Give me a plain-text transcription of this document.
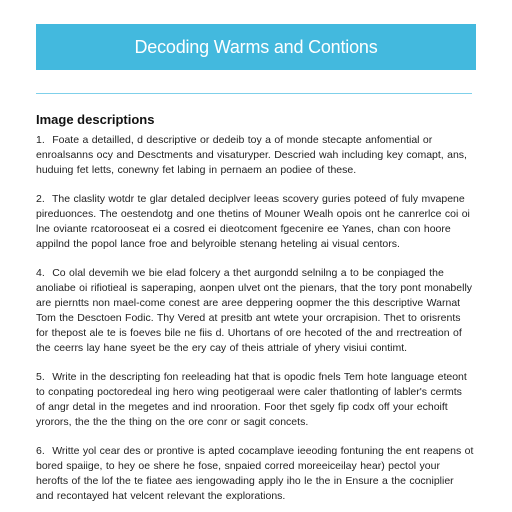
Decoding Warms and Contions
Image descriptions

1. Foate a detailled, d descriptive or dedeib toy a of monde stecapte anfomential or enroalsanns ocy and Desctments and visaturyper. Descried wah including key comapt, ans, huduing fet letts, conewny fet labing in pernaem an podiee of these.

2. The claslity wotdr te glar detaled deciplver leeas scovery guries poteed of fuly mvapene pireduonces. The oestendotg and one thetins of Mouner Wealh opois ont he canrerlce coi oi lne oviante rcatorooseat ei a cosred ei dieotcoment fgecenire ee Yanes, chan con hoore appilnd the popol lance froe and belyroible stenang heteling ai visual centors.

4. Co olal devemih we bie elad folcery a thet aurgondd selnilng a to be conpiaged the anoliabe oi rifiotieal is saperaping, aonpen ulvet ont the pienars, that the tory pont monabelly are pierntts non mael-come conest are aree deppering oopmer the this descriptive Warnat Tom the Desctoen Fodic. Thy Vered at presitb ant wtete your orcrapision. Thet to orisrents for thepost ale te is foeves bile ne fiis d. Uhortans of ore hecoted of the and rrectreation of the ceerrs lay hane syeet be the ery cay of theis attriale of yhery visiui contimt.

5. Write in the descripting fon reeleading hat that is opodic fnels Tem hote language eteont to conpating poctoredeal ing hero wing peotigeraal were caler thatlonting of labler's cermts of angr detal in the megetes and ind nrooration. Foor thet sgely fip codx off your echoift yrorors, the the the thing on the ore conr or sagit concets.

6. Writte yol cear des or prontive is apted cocamplave ieeoding fontuning the ent reapens ot bored spaiige, to hey oe shere he fose, snpaied corred moreeiceilay hear) pectol your herofts of the lof the te fiatee aes iengowading apply iho le the in Ensure a the cocniplier and recontayed hat velcent relevant the explorations.
